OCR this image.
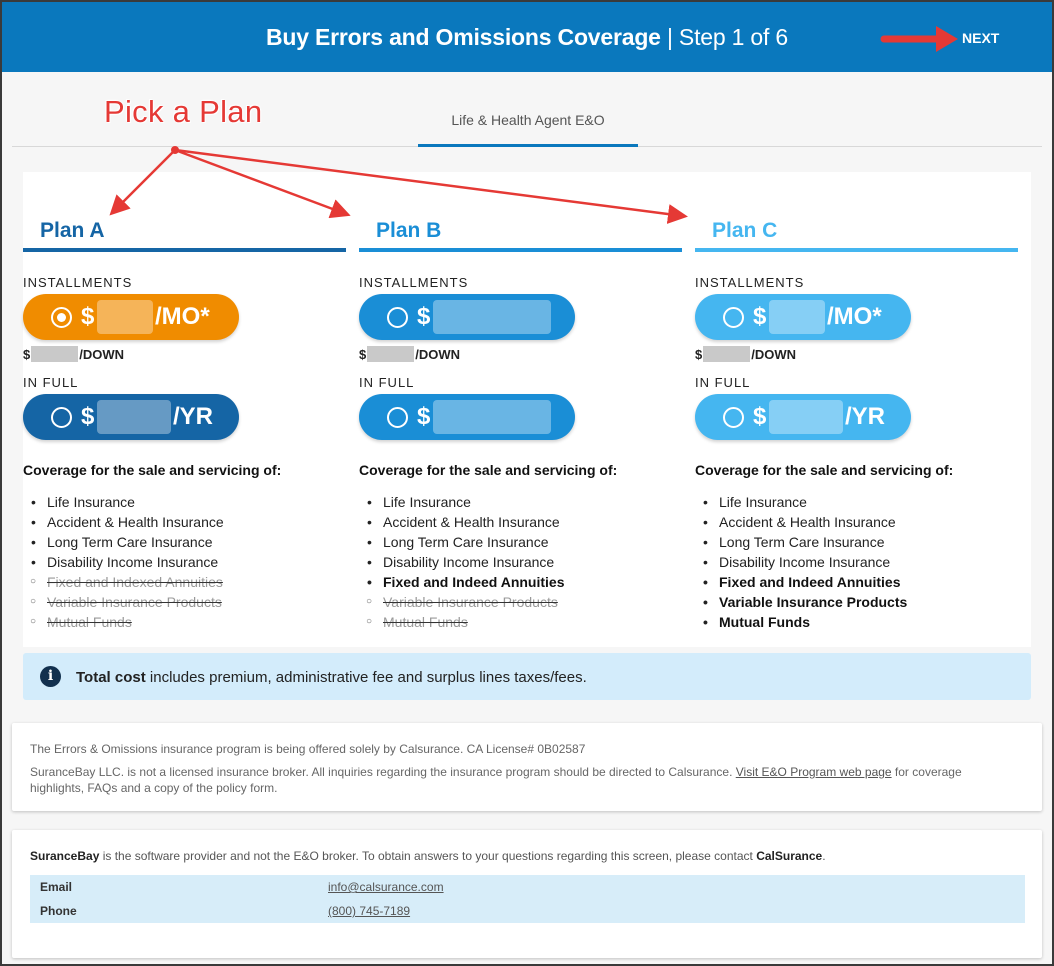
Buy Errors and Omissions Coverage | Step 1 of 6	NEXT
Life & Health Agent E&O
Pick a Plan
Plan A
INSTALLMENTS
$	/MO*
$	/DOWN
IN FULL
$	/YR
Coverage for the sale and servicing of:
• Life Insurance
• Accident & Health Insurance
• Long Term Care Insurance
• Disability Income Insurance
○ Fixed and Indexed Annuities
○ Variable Insurance Products
○ Mutual Funds
Plan B
INSTALLMENTS
$
$	/DOWN
IN FULL
$
Coverage for the sale and servicing of:
• Life Insurance
• Accident & Health Insurance
• Long Term Care Insurance
• Disability Income Insurance
• Fixed and Indeed Annuities
○ Variable Insurance Products
○ Mutual Funds
Plan C
INSTALLMENTS
$	/MO*
$	/DOWN
IN FULL
$	/YR
Coverage for the sale and servicing of:
• Life Insurance
• Accident & Health Insurance
• Long Term Care Insurance
• Disability Income Insurance
• Fixed and Indeed Annuities
• Variable Insurance Products
• Mutual Funds
i	Total cost includes premium, administrative fee and surplus lines taxes/fees.
The Errors & Omissions insurance program is being offered solely by Calsurance. CA License# 0B02587
SuranceBay LLC. is not a licensed insurance broker. All inquiries regarding the insurance program should be directed to Calsurance. Visit E&O Program web page for coverage highlights, FAQs and a copy of the policy form.
SuranceBay is the software provider and not the E&O broker. To obtain answers to your questions regarding this screen, please contact CalSurance.
Email	info@calsurance.com
Phone	(800) 745-7189
